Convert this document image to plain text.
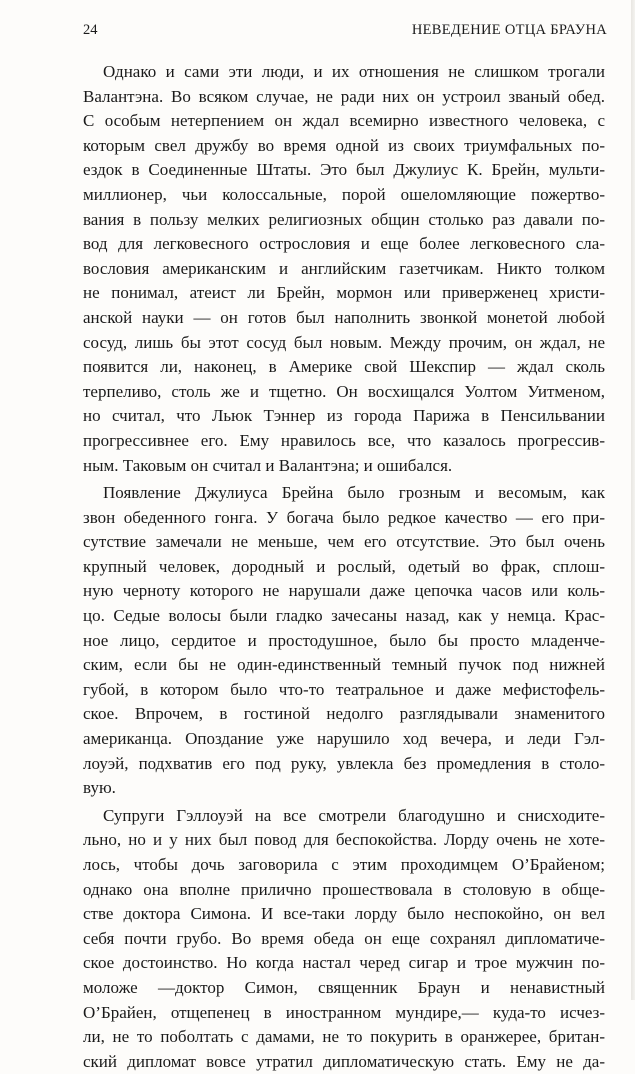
24	НЕВЕДЕНИЕ ОТЦА БРАУНА
Однако и сами эти люди, и их отношения не слишком трогали
Валантэна. Во всяком случае, не ради них он устроил званый обед.
С особым нетерпением он ждал всемирно известного человека, с
которым свел дружбу во время одной из своих триумфальных по-
ездок в Соединенные Штаты. Это был Джулиус К. Брейн, мульти-
миллионер, чьи колоссальные, порой ошеломляющие пожертво-
вания в пользу мелких религиозных общин столько раз давали по-
вод для легковесного острословия и еще более легковесного сла-
вословия американским и английским газетчикам. Никто толком
не понимал, атеист ли Брейн, мормон или приверженец христи-
анской науки — он готов был наполнить звонкой монетой любой
сосуд, лишь бы этот сосуд был новым. Между прочим, он ждал, не
появится ли, наконец, в Америке свой Шекспир — ждал сколь
терпеливо, столь же и тщетно. Он восхищался Уолтом Уитменом,
но считал, что Льюк Тэннер из города Парижа в Пенсильвании
прогрессивнее его. Ему нравилось все, что казалось прогрессив-
ным. Таковым он считал и Валантэна; и ошибался.
Появление Джулиуса Брейна было грозным и весомым, как
звон обеденного гонга. У богача было редкое качество — его при-
сутствие замечали не меньше, чем его отсутствие. Это был очень
крупный человек, дородный и рослый, одетый во фрак, сплош-
ную черноту которого не нарушали даже цепочка часов или коль-
цо. Седые волосы были гладко зачесаны назад, как у немца. Крас-
ное лицо, сердитое и простодушное, было бы просто младенче-
ским, если бы не один-единственный темный пучок под нижней
губой, в котором было что-то театральное и даже мефистофель-
ское. Впрочем, в гостиной недолго разглядывали знаменитого
американца. Опоздание уже нарушило ход вечера, и леди Гэл-
лоуэй, подхватив его под руку, увлекла без промедления в столо-
вую.
Супруги Гэллоуэй на все смотрели благодушно и снисходите-
льно, но и у них был повод для беспокойства. Лорду очень не хоте-
лось, чтобы дочь заговорила с этим проходимцем О’Брайеном;
однако она вполне прилично прошествовала в столовую в обще-
стве доктора Симона. И все-таки лорду было неспокойно, он вел
себя почти грубо. Во время обеда он еще сохранял дипломатиче-
ское достоинство. Но когда настал черед сигар и трое мужчин по-
моложе —доктор Симон, священник Браун и ненавистный
О’Брайен, отщепенец в иностранном мундире,— куда-то исчез-
ли, не то поболтать с дамами, не то покурить в оранжерее, британ-
ский дипломат вовсе утратил дипломатическую стать. Ему не да-
